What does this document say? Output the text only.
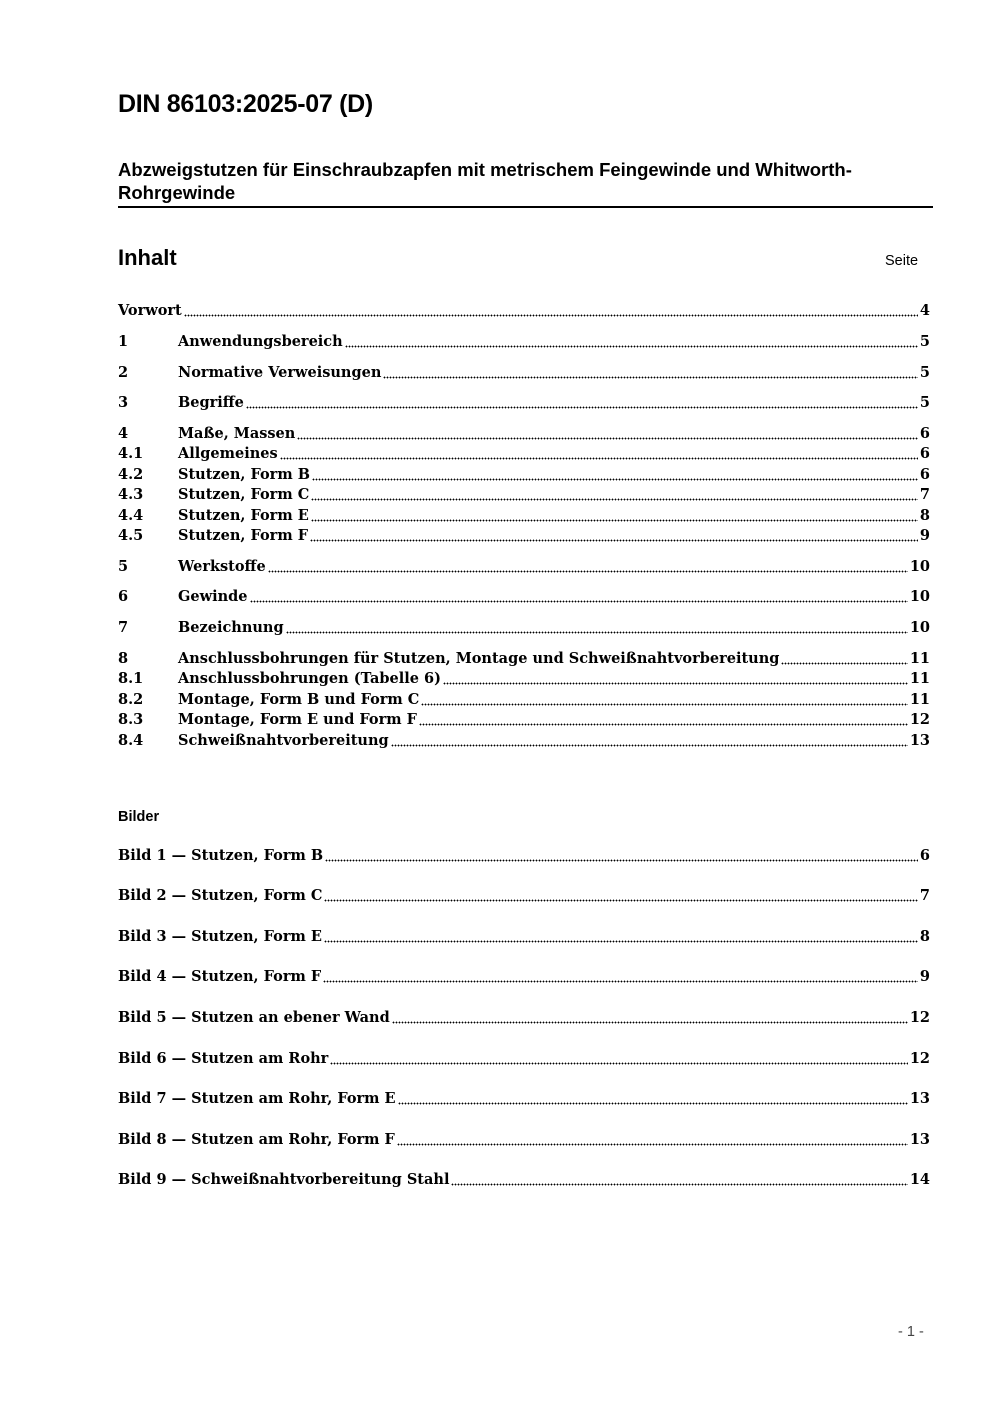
DIN 86103:2025-07 (D)
Abzweigstutzen für Einschraubzapfen mit metrischem Feingewinde und Whitworth-Rohrgewinde
Inhalt	Seite
Vorwort	4
1	Anwendungsbereich	5
2	Normative Verweisungen	5
3	Begriffe	5
4	Maße, Massen	6
4.1	Allgemeines	6
4.2	Stutzen, Form B	6
4.3	Stutzen, Form C	7
4.4	Stutzen, Form E	8
4.5	Stutzen, Form F	9
5	Werkstoffe	10
6	Gewinde	10
7	Bezeichnung	10
8	Anschlussbohrungen für Stutzen, Montage und Schweißnahtvorbereitung	11
8.1	Anschlussbohrungen (Tabelle 6)	11
8.2	Montage, Form B und Form C	11
8.3	Montage, Form E und Form F	12
8.4	Schweißnahtvorbereitung	13
Bilder
Bild 1 — Stutzen, Form B	6
Bild 2 — Stutzen, Form C	7
Bild 3 — Stutzen, Form E	8
Bild 4 — Stutzen, Form F	9
Bild 5 — Stutzen an ebener Wand	12
Bild 6 — Stutzen am Rohr	12
Bild 7 — Stutzen am Rohr, Form E	13
Bild 8 — Stutzen am Rohr, Form F	13
Bild 9 — Schweißnahtvorbereitung Stahl	14
- 1 -
